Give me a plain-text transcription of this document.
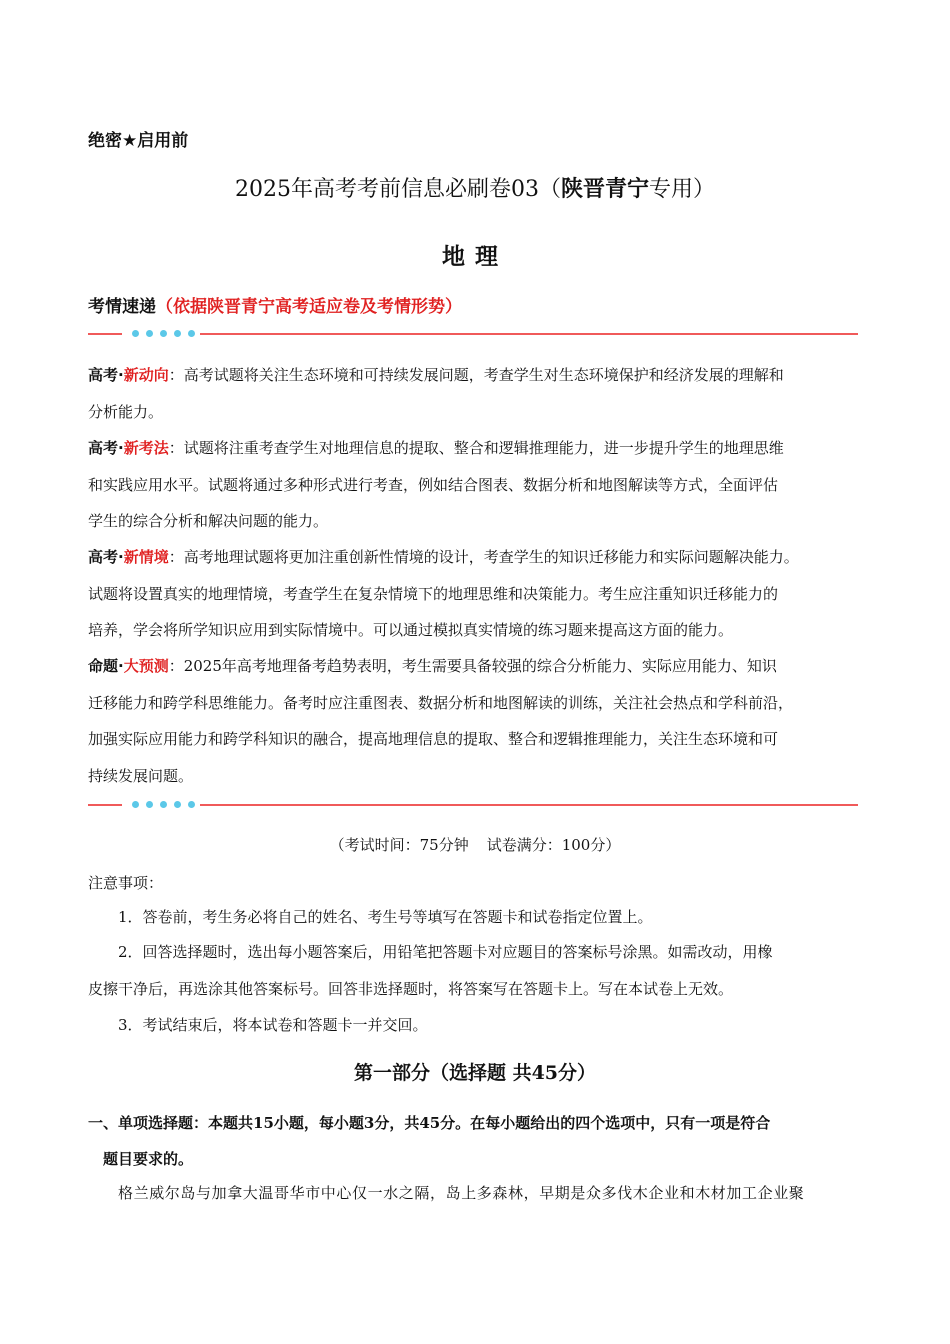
绝密★启用前
2025年高考考前信息必刷卷03（陕晋青宁专用）
地理
考情速递（依据陕晋青宁高考适应卷及考情形势）
高考·新动向：高考试题将关注生态环境和可持续发展问题，考查学生对生态环境保护和经济发展的理解和
分析能力。
高考·新考法：试题将注重考查学生对地理信息的提取、整合和逻辑推理能力，进一步提升学生的地理思维
和实践应用水平。试题将通过多种形式进行考查，例如结合图表、数据分析和地图解读等方式，全面评估
学生的综合分析和解决问题的能力。
高考·新情境：高考地理试题将更加注重创新性情境的设计，考查学生的知识迁移能力和实际问题解决能力。
试题将设置真实的地理情境，考查学生在复杂情境下的地理思维和决策能力。考生应注重知识迁移能力的
培养，学会将所学知识应用到实际情境中。可以通过模拟真实情境的练习题来提高这方面的能力。
命题·大预测：2025年高考地理备考趋势表明，考生需要具备较强的综合分析能力、实际应用能力、知识
迁移能力和跨学科思维能力。备考时应注重图表、数据分析和地图解读的训练，关注社会热点和学科前沿，
加强实际应用能力和跨学科知识的融合，提高地理信息的提取、整合和逻辑推理能力，关注生态环境和可
持续发展问题。
（考试时间：75分钟 试卷满分：100分）
注意事项：
1．答卷前，考生务必将自己的姓名、考生号等填写在答题卡和试卷指定位置上。
2．回答选择题时，选出每小题答案后，用铅笔把答题卡对应题目的答案标号涂黑。如需改动，用橡
皮擦干净后，再选涂其他答案标号。回答非选择题时，将答案写在答题卡上。写在本试卷上无效。
3．考试结束后，将本试卷和答题卡一并交回。
第一部分（选择题 共45分）
一、单项选择题：本题共15小题，每小题3分，共45分。在每小题给出的四个选项中，只有一项是符合
题目要求的。
格兰威尔岛与加拿大温哥华市中心仅一水之隔，岛上多森林，早期是众多伐木企业和木材加工企业聚
